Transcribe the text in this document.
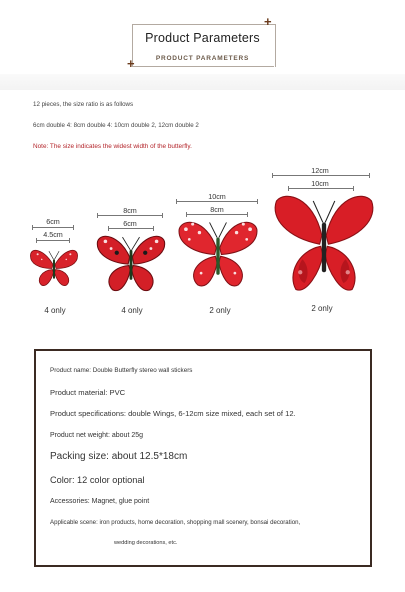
Product Parameters
PRODUCT PARAMETERS
+
+
12 pieces, the size ratio is as follows
6cm double 4: 8cm double 4: 10cm double 2, 12cm double 2
Note: The size indicates the widest width of the butterfly.
6cm
4.5cm
4 only
8cm
6cm
4 only
10cm
8cm
2 only
12cm
10cm
2 only
Product name: Double Butterfly stereo wall stickers
Product material: PVC
Product specifications: double Wings, 6-12cm size mixed, each set of 12.
Product net weight: about 25g
Packing size: about 12.5*18cm
Color: 12 color optional
Accessories: Magnet, glue point
Applicable scene: iron products, home decoration, shopping mall scenery, bonsai decoration,
wedding decorations, etc.
